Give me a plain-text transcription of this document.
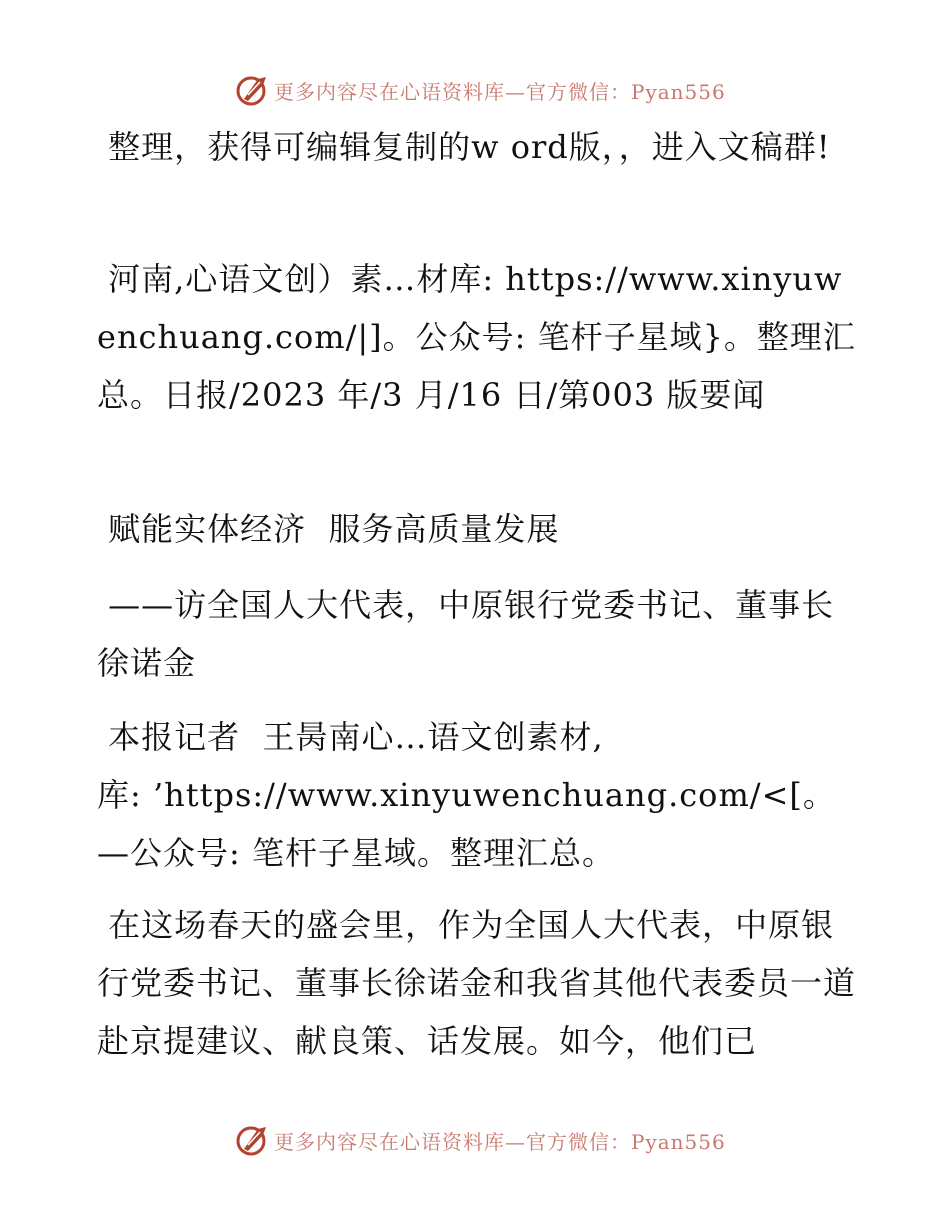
更多内容尽在心语资料库—官方微信：Pyan556
整理，获得可编辑复制的w ord版，，进入文稿群!
河南,心语文创）素…材库: https://www.xinyuwenchuang.com/|]。公众号: 笔杆子星域}。整理汇总。日报/2023 年/3 月/16 日/第003 版要闻
赋能实体经济  服务高质量发展
——访全国人大代表，中原银行党委书记、董事长徐诺金
本报记者  王昺南心…语文创素材,
库: ’https://www.xinyuwenchuang.com/<[。—公众号: 笔杆子星域。整理汇总。
在这场春天的盛会里，作为全国人大代表，中原银行党委书记、董事长徐诺金和我省其他代表委员一道赴京提建议、献良策、话发展。如今，他们已
更多内容尽在心语资料库—官方微信：Pyan556
